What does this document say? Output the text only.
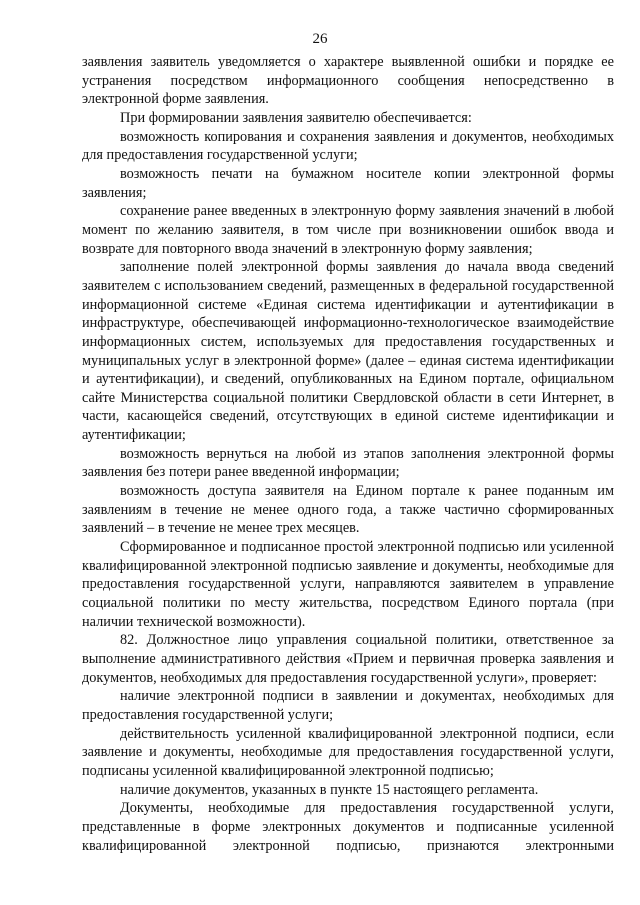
26

заявления заявитель уведомляется о характере выявленной ошибки и порядке ее устранения посредством информационного сообщения непосредственно в электронной форме заявления.

При формировании заявления заявителю обеспечивается:

возможность копирования и сохранения заявления и документов, необходимых для предоставления государственной услуги;

возможность печати на бумажном носителе копии электронной формы заявления;

сохранение ранее введенных в электронную форму заявления значений в любой момент по желанию заявителя, в том числе при возникновении ошибок ввода и возврате для повторного ввода значений в электронную форму заявления;

заполнение полей электронной формы заявления до начала ввода сведений заявителем с использованием сведений, размещенных в федеральной государственной информационной системе «Единая система идентификации и аутентификации в инфраструктуре, обеспечивающей информационно-технологическое взаимодействие информационных систем, используемых для предоставления государственных и муниципальных услуг в электронной форме» (далее – единая система идентификации и аутентификации), и сведений, опубликованных на Едином портале, официальном сайте Министерства социальной политики Свердловской области в сети Интернет, в части, касающейся сведений, отсутствующих в единой системе идентификации и аутентификации;

возможность вернуться на любой из этапов заполнения электронной формы заявления без потери ранее введенной информации;

возможность доступа заявителя на Едином портале к ранее поданным им заявлениям в течение не менее одного года, а также частично сформированных заявлений – в течение не менее трех месяцев.

Сформированное и подписанное простой электронной подписью или усиленной квалифицированной электронной подписью заявление и документы, необходимые для предоставления государственной услуги, направляются заявителем в управление социальной политики по месту жительства, посредством Единого портала (при наличии технической возможности).

82. Должностное лицо управления социальной политики, ответственное за выполнение административного действия «Прием и первичная проверка заявления и документов, необходимых для предоставления государственной услуги», проверяет:

наличие электронной подписи в заявлении и документах, необходимых для предоставления государственной услуги;

действительность усиленной квалифицированной электронной подписи, если заявление и документы, необходимые для предоставления государственной услуги, подписаны усиленной квалифицированной электронной подписью;

наличие документов, указанных в пункте 15 настоящего регламента.

Документы, необходимые для предоставления государственной услуги, представленные в форме электронных документов и подписанные усиленной квалифицированной электронной подписью, признаются электронными
